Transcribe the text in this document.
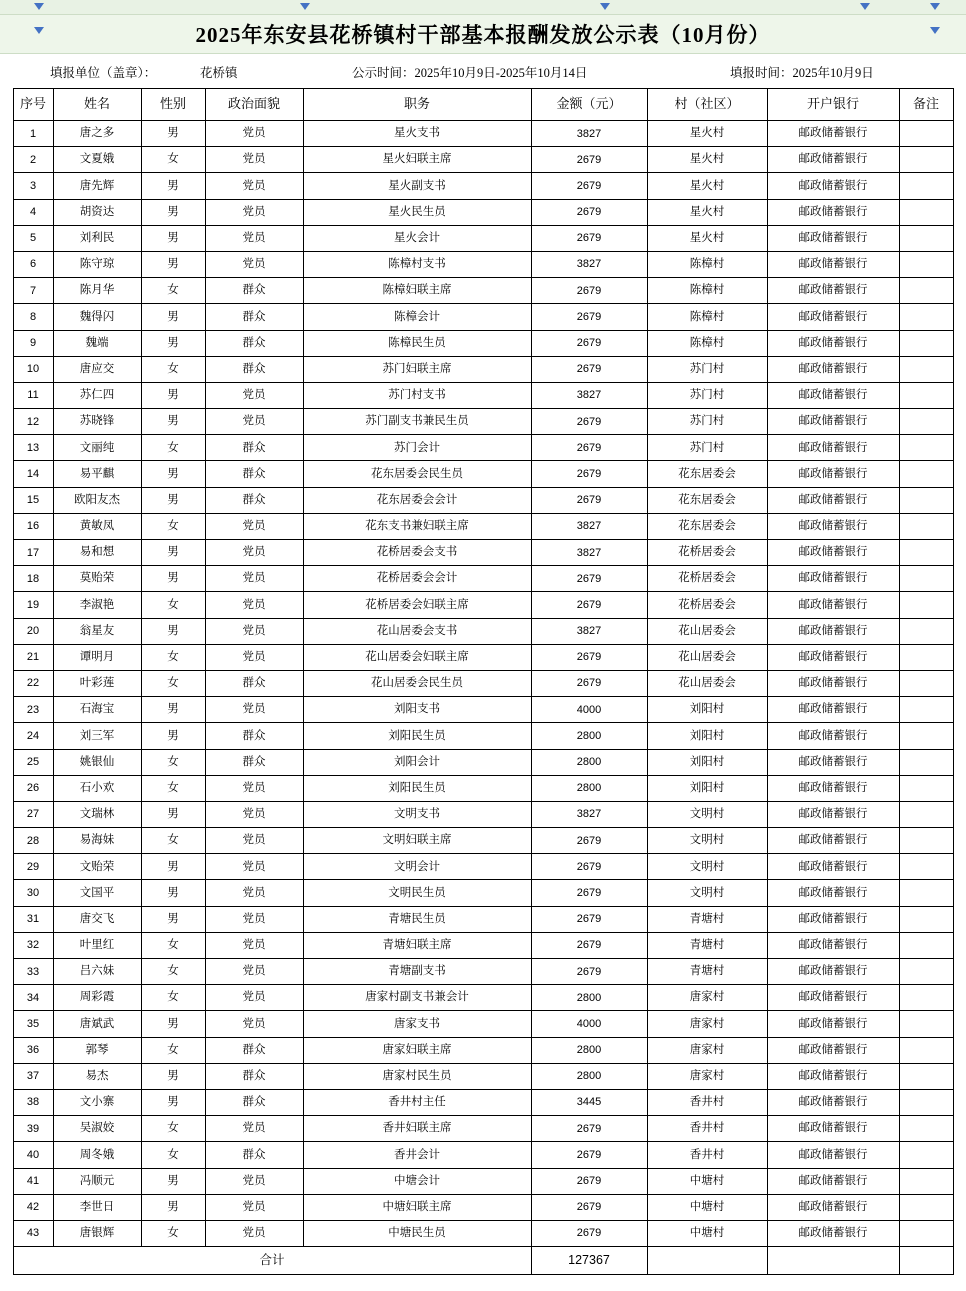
2025年东安县花桥镇村干部基本报酬发放公示表（10月份）
填报单位（盖章）：	花桥镇	公示时间：2025年10月9日-2025年10月14日	填报时间：2025年10月9日
序号	姓名	性别	政治面貌	职务	金额（元）	村（社区）	开户银行	备注
1	唐之多	男	党员	星火支书	3827	星火村	邮政储蓄银行	
2	文夏娥	女	党员	星火妇联主席	2679	星火村	邮政储蓄银行	
3	唐先辉	男	党员	星火副支书	2679	星火村	邮政储蓄银行	
4	胡资达	男	党员	星火民生员	2679	星火村	邮政储蓄银行	
5	刘利民	男	党员	星火会计	2679	星火村	邮政储蓄银行	
6	陈守琼	男	党员	陈樟村支书	3827	陈樟村	邮政储蓄银行	
7	陈月华	女	群众	陈樟妇联主席	2679	陈樟村	邮政储蓄银行	
8	魏得闪	男	群众	陈樟会计	2679	陈樟村	邮政储蓄银行	
9	魏端	男	群众	陈樟民生员	2679	陈樟村	邮政储蓄银行	
10	唐应交	女	群众	苏门妇联主席	2679	苏门村	邮政储蓄银行	
11	苏仁四	男	党员	苏门村支书	3827	苏门村	邮政储蓄银行	
12	苏晓锋	男	党员	苏门副支书兼民生员	2679	苏门村	邮政储蓄银行	
13	文丽纯	女	群众	苏门会计	2679	苏门村	邮政储蓄银行	
14	易平麒	男	群众	花东居委会民生员	2679	花东居委会	邮政储蓄银行	
15	欧阳友杰	男	群众	花东居委会会计	2679	花东居委会	邮政储蓄银行	
16	黄敏凤	女	党员	花东支书兼妇联主席	3827	花东居委会	邮政储蓄银行	
17	易和想	男	党员	花桥居委会支书	3827	花桥居委会	邮政储蓄银行	
18	莫贻荣	男	党员	花桥居委会会计	2679	花桥居委会	邮政储蓄银行	
19	李淑艳	女	党员	花桥居委会妇联主席	2679	花桥居委会	邮政储蓄银行	
20	翁星友	男	党员	花山居委会支书	3827	花山居委会	邮政储蓄银行	
21	谭明月	女	党员	花山居委会妇联主席	2679	花山居委会	邮政储蓄银行	
22	叶彩莲	女	群众	花山居委会民生员	2679	花山居委会	邮政储蓄银行	
23	石海宝	男	党员	刘阳支书	4000	刘阳村	邮政储蓄银行	
24	刘三军	男	群众	刘阳民生员	2800	刘阳村	邮政储蓄银行	
25	姚银仙	女	群众	刘阳会计	2800	刘阳村	邮政储蓄银行	
26	石小欢	女	党员	刘阳民生员	2800	刘阳村	邮政储蓄银行	
27	文瑞林	男	党员	文明支书	3827	文明村	邮政储蓄银行	
28	易海妹	女	党员	文明妇联主席	2679	文明村	邮政储蓄银行	
29	文贻荣	男	党员	文明会计	2679	文明村	邮政储蓄银行	
30	文国平	男	党员	文明民生员	2679	文明村	邮政储蓄银行	
31	唐交飞	男	党员	青塘民生员	2679	青塘村	邮政储蓄银行	
32	叶里红	女	党员	青塘妇联主席	2679	青塘村	邮政储蓄银行	
33	吕六妹	女	党员	青塘副支书	2679	青塘村	邮政储蓄银行	
34	周彩霞	女	党员	唐家村副支书兼会计	2800	唐家村	邮政储蓄银行	
35	唐斌武	男	党员	唐家支书	4000	唐家村	邮政储蓄银行	
36	郭琴	女	群众	唐家妇联主席	2800	唐家村	邮政储蓄银行	
37	易杰	男	群众	唐家村民生员	2800	唐家村	邮政储蓄银行	
38	文小寨	男	群众	香井村主任	3445	香井村	邮政储蓄银行	
39	吴淑姣	女	党员	香井妇联主席	2679	香井村	邮政储蓄银行	
40	周冬娥	女	群众	香井会计	2679	香井村	邮政储蓄银行	
41	冯顺元	男	党员	中塘会计	2679	中塘村	邮政储蓄银行	
42	李世日	男	党员	中塘妇联主席	2679	中塘村	邮政储蓄银行	
43	唐银辉	女	党员	中塘民生员	2679	中塘村	邮政储蓄银行	
合计					127367			
